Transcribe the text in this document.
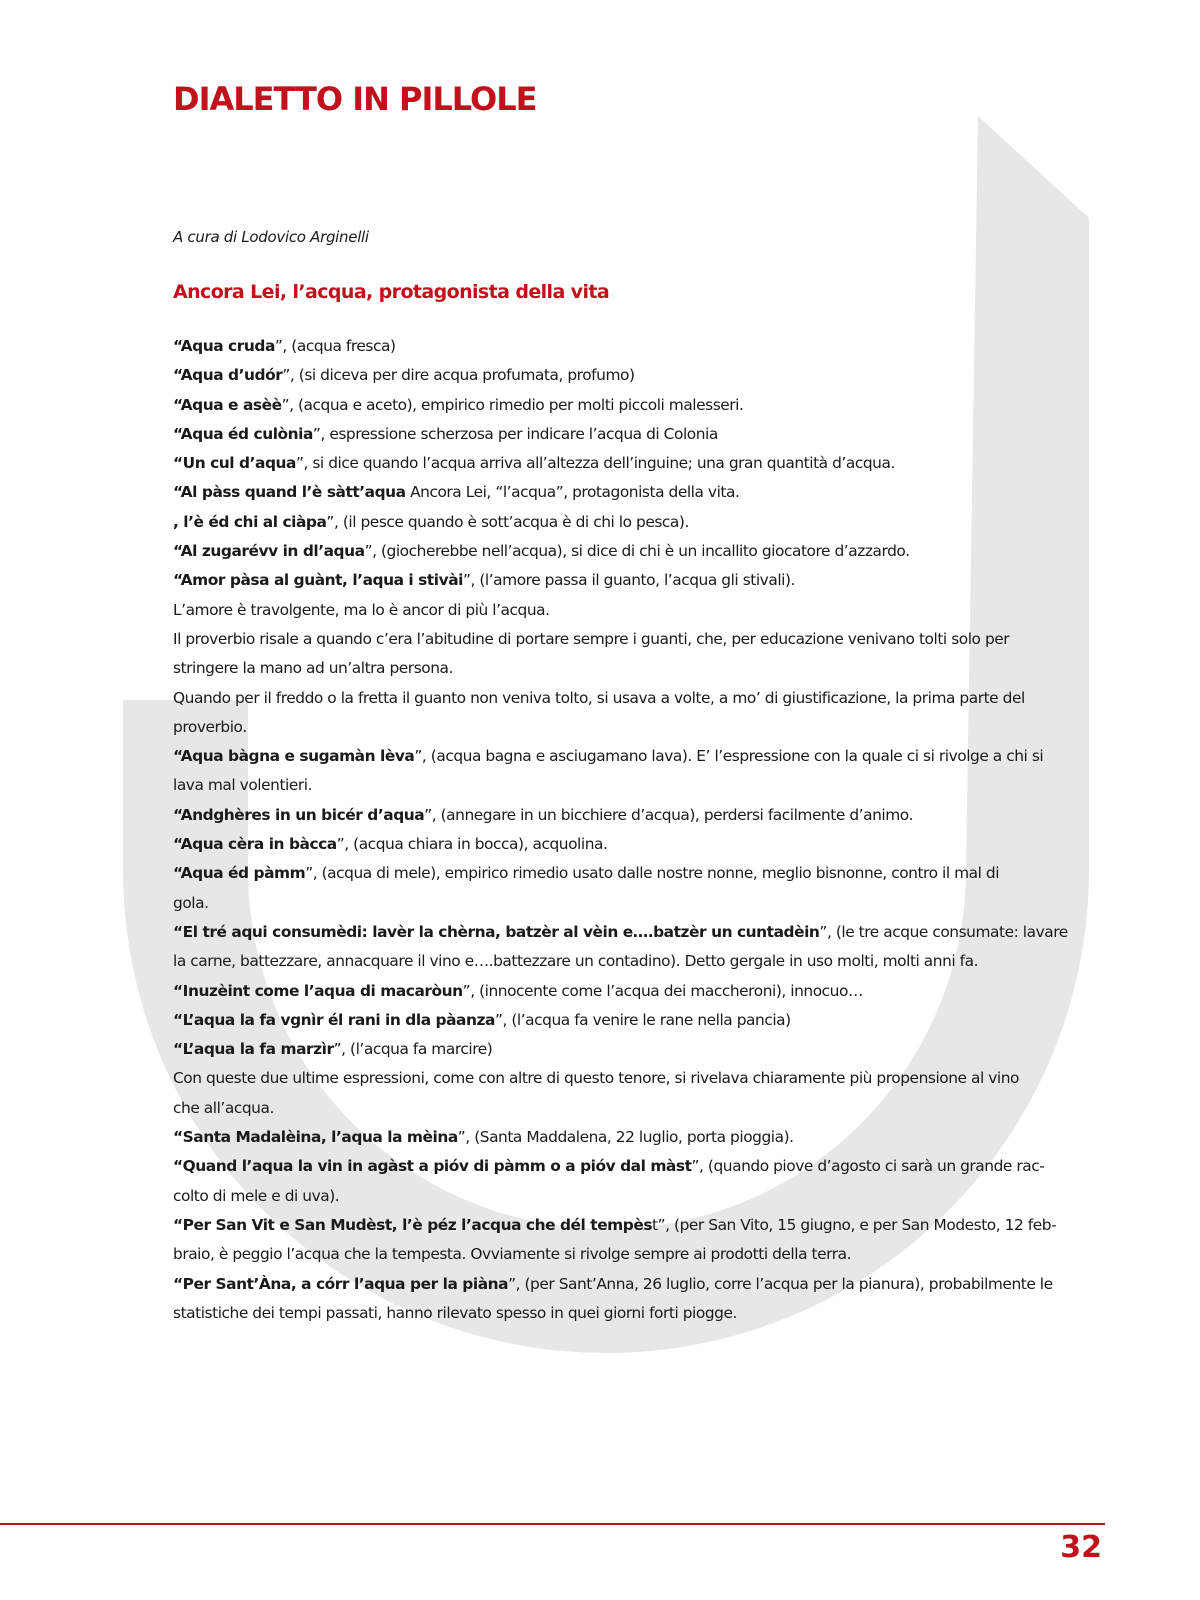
DIALETTO IN PILLOLE

A cura di Lodovico Arginelli

Ancora Lei, l’acqua, protagonista della vita
“Aqua cruda”, (acqua fresca)
“Aqua d’udór”, (si diceva per dire acqua profumata, profumo)
“Aqua e asèè”, (acqua e aceto), empirico rimedio per molti piccoli malesseri.
“Aqua éd culònia”, espressione scherzosa per indicare l’acqua di Colonia
“Un cul d’aqua”, si dice quando l’acqua arriva all’altezza dell’inguine; una gran quantità d’acqua.
“Al pàss quand l’è sàtt’aqua Ancora Lei, “l’acqua”, protagonista della vita.
, l’è éd chi al ciàpa”, (il pesce quando è sott’acqua è di chi lo pesca).
“Al zugarévv in dl’aqua”, (giocherebbe nell’acqua), si dice di chi è un incallito giocatore d’azzardo.
“Amor pàsa al guànt, l’aqua i stivài”, (l’amore passa il guanto, l’acqua gli stivali).
L’amore è travolgente, ma lo è ancor di più l’acqua.
Il proverbio risale a quando c’era l’abitudine di portare sempre i guanti, che, per educazione venivano tolti solo per
stringere la mano ad un’altra persona.
Quando per il freddo o la fretta il guanto non veniva tolto, si usava a volte, a mo’ di giustificazione, la prima parte del
proverbio.
“Aqua bàgna e sugamàn lèva”, (acqua bagna e asciugamano lava). E’ l’espressione con la quale ci si rivolge a chi si
lava mal volentieri.
“Andghères in un bicér d’aqua”, (annegare in un bicchiere d’acqua), perdersi facilmente d’animo.
“Aqua cèra in bàcca”, (acqua chiara in bocca), acquolina.
“Aqua éd pàmm”, (acqua di mele), empirico rimedio usato dalle nostre nonne, meglio bisnonne, contro il mal di
gola.
“El tré aqui consumèdi: lavèr la chèrna, batzèr al vèin e….batzèr un cuntadèin”, (le tre acque consumate: lavare
la carne, battezzare, annacquare il vino e….battezzare un contadino). Detto gergale in uso molti, molti anni fa.
“Inuzèint come l’aqua di macaròun”, (innocente come l’acqua dei maccheroni), innocuo…
“L’aqua la fa vgnìr él rani in dla pàanza”, (l’acqua fa venire le rane nella pancia)
“L’aqua la fa marzìr”, (l’acqua fa marcire)
Con queste due ultime espressioni, come con altre di questo tenore, si rivelava chiaramente più propensione al vino
che all’acqua.
“Santa Madalèina, l’aqua la mèina”, (Santa Maddalena, 22 luglio, porta pioggia).
“Quand l’aqua la vin in agàst a pióv di pàmm o a pióv dal màst”, (quando piove d’agosto ci sarà un grande rac-
colto di mele e di uva).
“Per San Vit e San Mudèst, l’è péz l’acqua che dél tempèst”, (per San Vito, 15 giugno, e per San Modesto, 12 feb-
braio, è peggio l’acqua che la tempesta. Ovviamente si rivolge sempre ai prodotti della terra.
“Per Sant’Àna, a córr l’aqua per la piàna”, (per Sant’Anna, 26 luglio, corre l’acqua per la pianura), probabilmente le
statistiche dei tempi passati, hanno rilevato spesso in quei giorni forti piogge.

32
